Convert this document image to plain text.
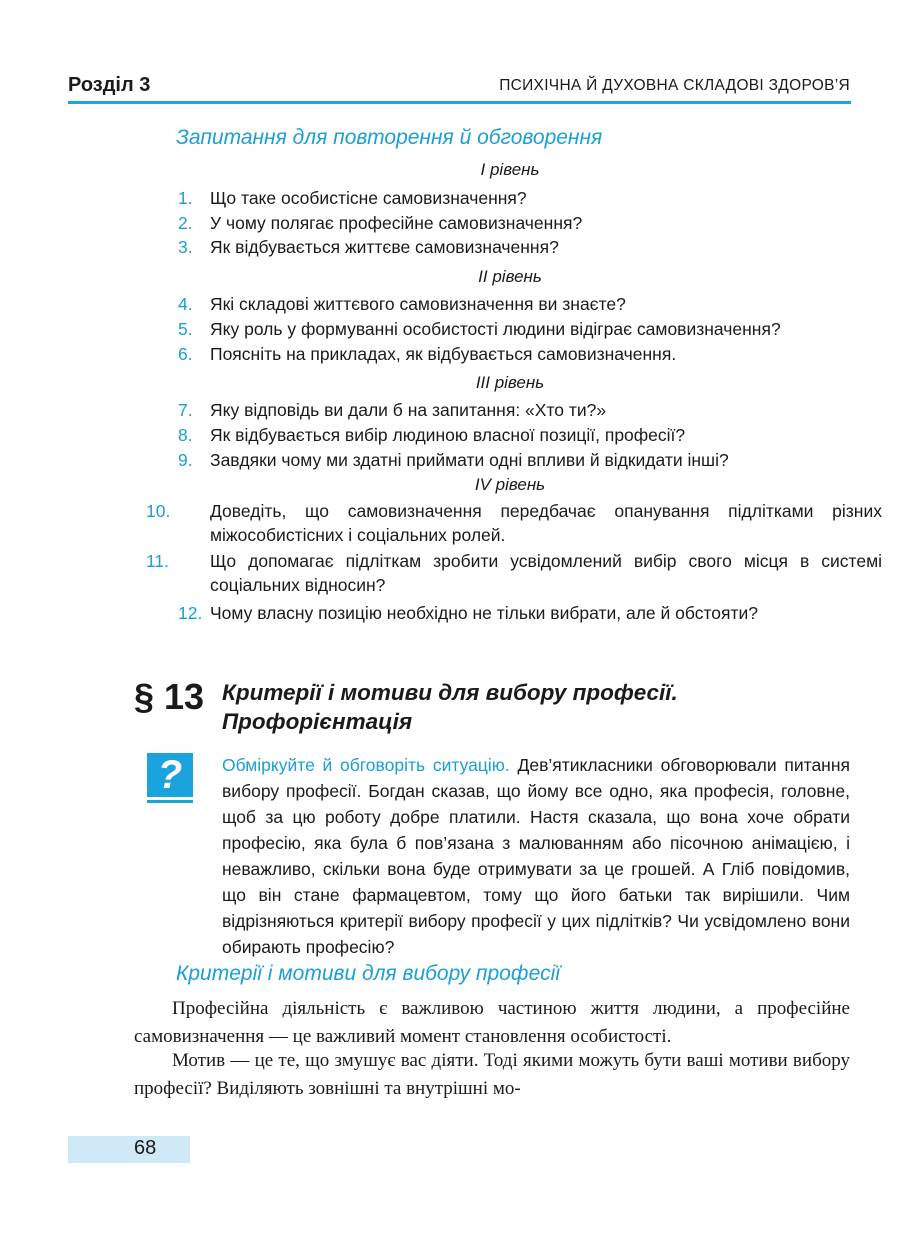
Розділ 3	ПСИХІЧНА Й ДУХОВНА СКЛАДОВІ ЗДОРОВ’Я
Запитання для повторення й обговорення
I рівень
1. Що таке особистісне самовизначення?
2. У чому полягає професійне самовизначення?
3. Як відбувається життєве самовизначення?
II рівень
4. Які складові життєвого самовизначення ви знаєте?
5. Яку роль у формуванні особистості людини відіграє самовизначення?
6. Поясніть на прикладах, як відбувається самовизначення.
III рівень
7. Яку відповідь ви дали б на запитання: «Хто ти?»
8. Як відбувається вибір людиною власної позиції, професії?
9. Завдяки чому ми здатні приймати одні впливи й відкидати інші?
IV рівень
10. Доведіть, що самовизначення передбачає опанування підлітками різних міжособистісних і соціальних ролей.
11. Що допомагає підліткам зробити усвідомлений вибір свого місця в системі соціальних відносин?
12. Чому власну позицію необхідно не тільки вибрати, але й обстояти?
§ 13 Критерії і мотиви для вибору професії.
Профорієнтація
?	Обміркуйте й обговоріть ситуацію. Дев’ятикласники обговорювали питання вибору професії. Богдан сказав, що йому все одно, яка професія, головне, щоб за цю роботу добре платили. Настя сказала, що вона хоче обрати професію, яка була б пов’язана з малюванням або пісочною анімацією, і неважливо, скільки вона буде отримувати за це грошей. А Гліб повідомив, що він стане фармацевтом, тому що його батьки так вирішили. Чим відрізняються критерії вибору професії у цих підлітків? Чи усвідомлено вони обирають професію?
Критерії і мотиви для вибору професії
Професійна діяльність є важливою частиною життя людини, а професійне самовизначення — це важливий момент становлення особистості.
Мотив — це те, що змушує вас діяти. Тоді якими можуть бути ваші мотиви вибору професії? Виділяють зовнішні та внутрішні мо-
68
